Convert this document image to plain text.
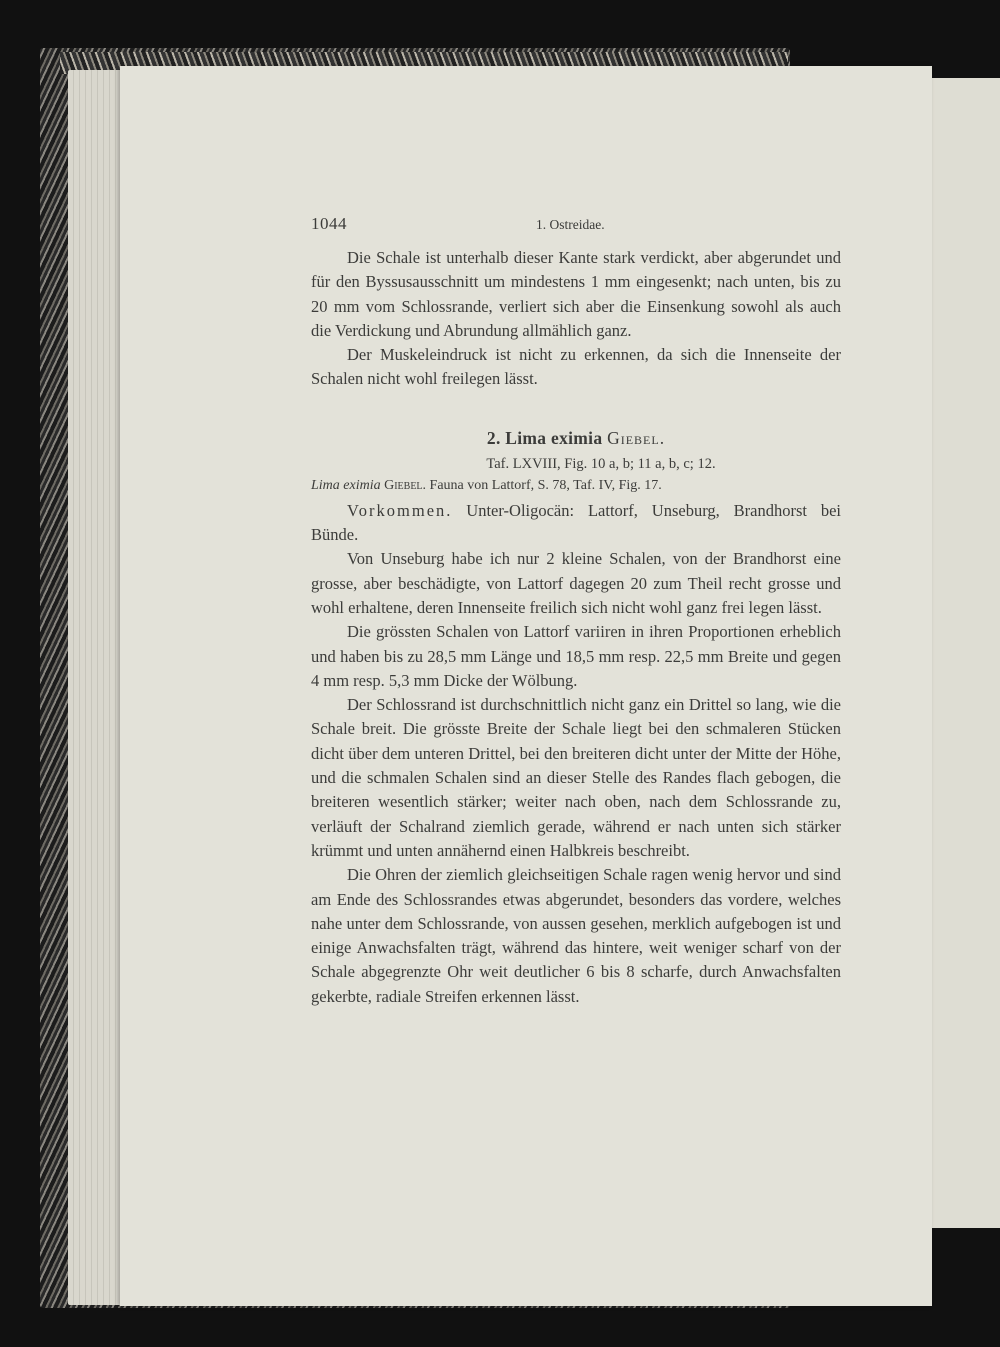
1044	1. Ostreidae.

Die Schale ist unterhalb dieser Kante stark verdickt, aber abgerundet und für den Byssusausschnitt um mindestens 1 mm eingesenkt; nach unten, bis zu 20 mm vom Schlossrande, verliert sich aber die Einsenkung sowohl als auch die Verdickung und Abrundung allmählich ganz.

Der Muskeleindruck ist nicht zu erkennen, da sich die Innenseite der Schalen nicht wohl freilegen lässt.

2. Lima eximia Giebel.
Taf. LXVIII, Fig. 10 a, b; 11 a, b, c; 12.
Lima eximia Giebel. Fauna von Lattorf, S. 78, Taf. IV, Fig. 17.

Vorkommen. Unter-Oligocän: Lattorf, Unseburg, Brandhorst bei Bünde.

Von Unseburg habe ich nur 2 kleine Schalen, von der Brandhorst eine grosse, aber beschädigte, von Lattorf dagegen 20 zum Theil recht grosse und wohl erhaltene, deren Innenseite freilich sich nicht wohl ganz frei legen lässt.

Die grössten Schalen von Lattorf variiren in ihren Proportionen erheblich und haben bis zu 28,5 mm Länge und 18,5 mm resp. 22,5 mm Breite und gegen 4 mm resp. 5,3 mm Dicke der Wölbung.

Der Schlossrand ist durchschnittlich nicht ganz ein Drittel so lang, wie die Schale breit. Die grösste Breite der Schale liegt bei den schmaleren Stücken dicht über dem unteren Drittel, bei den breiteren dicht unter der Mitte der Höhe, und die schmalen Schalen sind an dieser Stelle des Randes flach gebogen, die breiteren wesentlich stärker; weiter nach oben, nach dem Schlossrande zu, verläuft der Schalrand ziemlich gerade, während er nach unten sich stärker krümmt und unten annähernd einen Halbkreis beschreibt.

Die Ohren der ziemlich gleichseitigen Schale ragen wenig hervor und sind am Ende des Schlossrandes etwas abgerundet, besonders das vordere, welches nahe unter dem Schlossrande, von aussen gesehen, merklich aufgebogen ist und einige Anwachsfalten trägt, während das hintere, weit weniger scharf von der Schale abgegrenzte Ohr weit deutlicher 6 bis 8 scharfe, durch Anwachsfalten gekerbte, radiale Streifen erkennen lässt.
